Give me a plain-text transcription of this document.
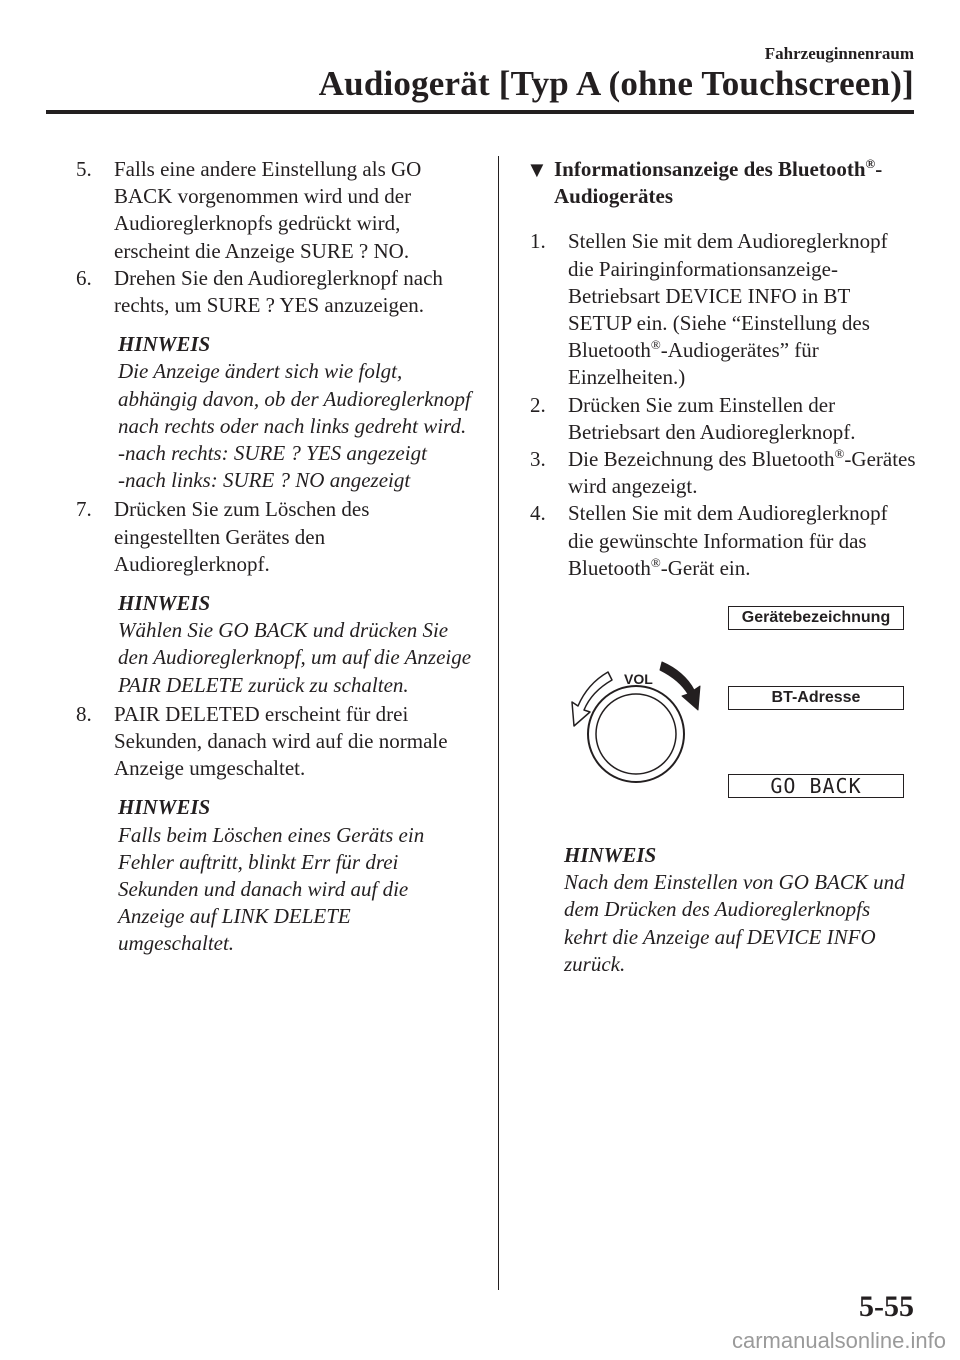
Fahrzeuginnenraum
Audiogerät [Typ A (ohne Touchscreen)]
5.	Falls eine andere Einstellung als GO BACK vorgenommen wird und der Audioreglerknopfs gedrückt wird, erscheint die Anzeige SURE ? NO.
6.	Drehen Sie den Audioreglerknopf nach rechts, um SURE ? YES anzuzeigen.
HINWEIS
Die Anzeige ändert sich wie folgt, abhängig davon, ob der Audioreglerknopf nach rechts oder nach links gedreht wird.
-nach rechts: SURE ? YES angezeigt
-nach links: SURE ? NO angezeigt
7.	Drücken Sie zum Löschen des eingestellten Gerätes den Audioreglerknopf.
HINWEIS
Wählen Sie GO BACK und drücken Sie den Audioreglerknopf, um auf die Anzeige PAIR DELETE zurück zu schalten.
8.	PAIR DELETED erscheint für drei Sekunden, danach wird auf die normale Anzeige umgeschaltet.
HINWEIS
Falls beim Löschen eines Geräts ein Fehler auftritt, blinkt Err für drei Sekunden und danach wird auf die Anzeige auf LINK DELETE umgeschaltet.
▼ Informationsanzeige des Bluetooth®-Audiogerätes
1.	Stellen Sie mit dem Audioreglerknopf die Pairinginformationsanzeige-Betriebsart DEVICE INFO in BT SETUP ein. (Siehe “Einstellung des Bluetooth®-Audiogerätes” für Einzelheiten.)
2.	Drücken Sie zum Einstellen der Betriebsart den Audioreglerknopf.
3.	Die Bezeichnung des Bluetooth®-Gerätes wird angezeigt.
4.	Stellen Sie mit dem Audioreglerknopf die gewünschte Information für das Bluetooth®-Gerät ein.
VOL
Gerätebezeichnung
BT-Adresse
GO BACK
HINWEIS
Nach dem Einstellen von GO BACK und dem Drücken des Audioreglerknopfs kehrt die Anzeige auf DEVICE INFO zurück.
5-55
carmanualsonline.info
